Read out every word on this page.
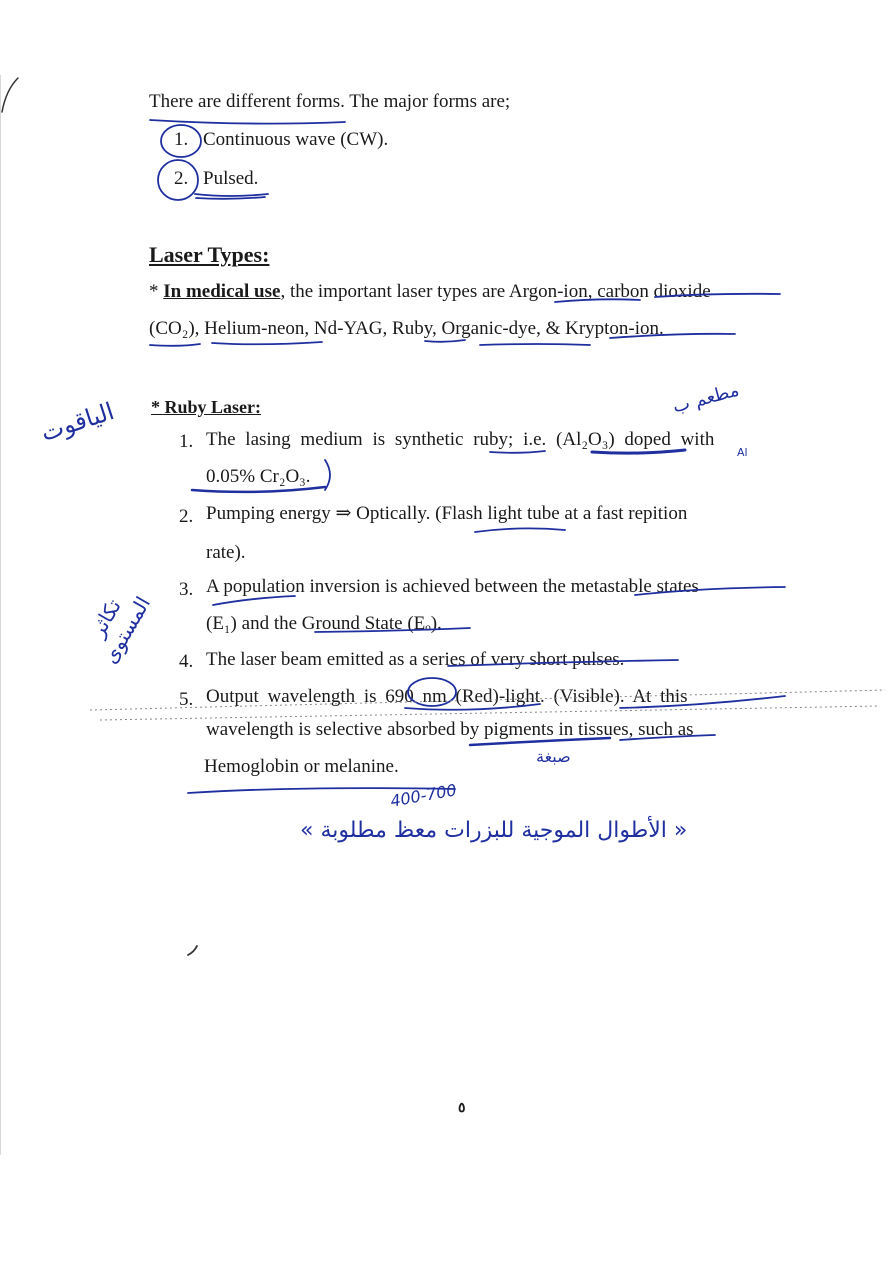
There are different forms. The major forms are;
1. Continuous wave (CW).
2. Pulsed.
Laser Types:
* In medical use, the important laser types are Argon-ion, carbon dioxide
(CO₂), Helium-neon, Nd-YAG, Ruby, Organic-dye, & Krypton-ion.
* Ruby Laser:
1. The lasing medium is synthetic ruby; i.e. (Al₂O₃) doped with
0.05% Cr₂O₃.
2. Pumping energy ⇒ Optically. (Flash light tube at a fast repition
rate).
3. A population inversion is achieved between the metastable states
(E₁) and the Ground State (Eₒ).
4. The laser beam emitted as a series of very short pulses.
5. Output wavelength is 690 nm (Red)-light. (Visible). At this
wavelength is selective absorbed by pigments in tissues, such as
Hemoglobin or melanine.
الياقوت
تكاثر المستوى
مطعم ب
Al
صبغة
400-700
« الأطوال الموجية للبزرات معظ مطلوبة »
٥
